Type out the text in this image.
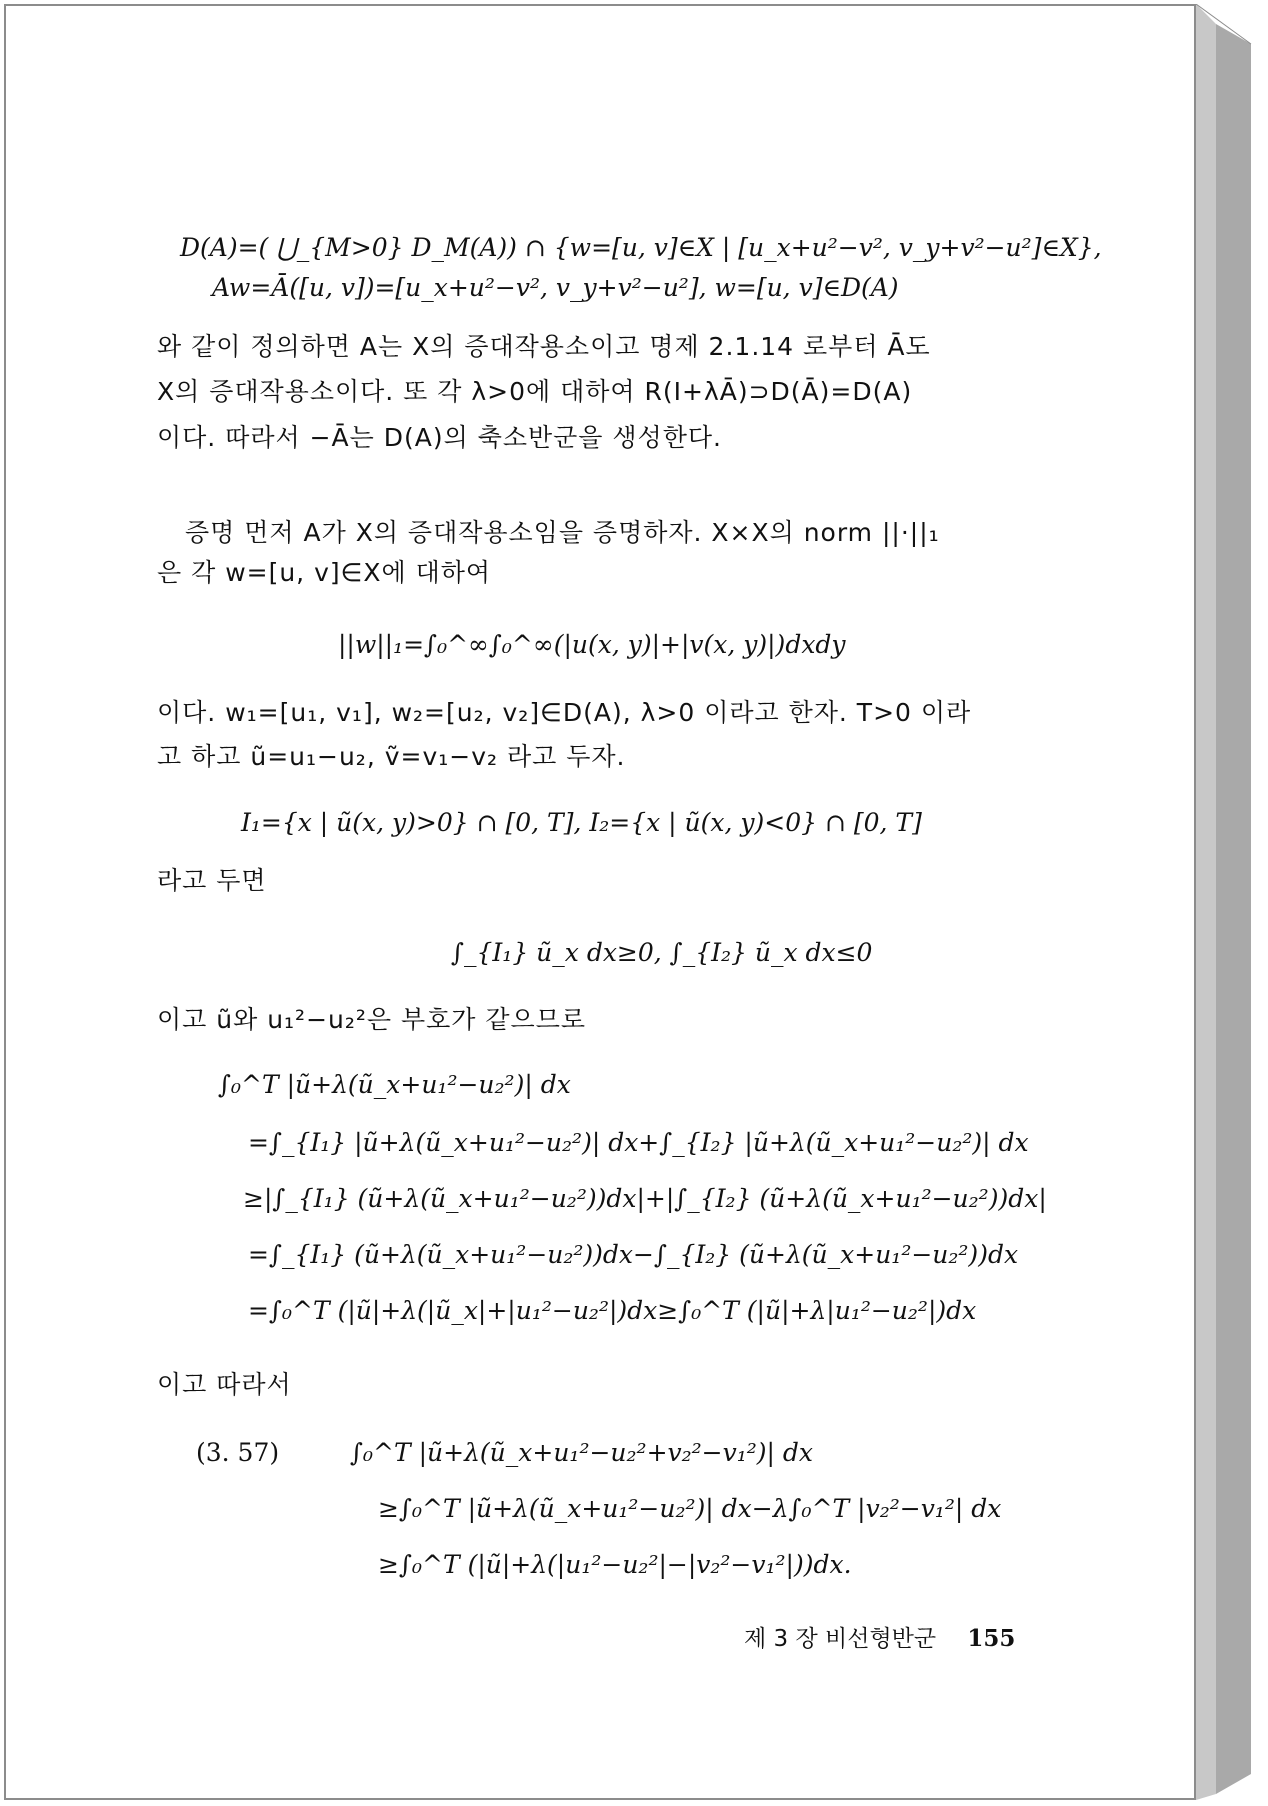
D(A)=( ⋃_{M>0} D_M(A)) ∩ {w=[u, v]∈X | [u_x+u²−v², v_y+v²−u²]∈X},
Aw=Ā([u, v])=[u_x+u²−v², v_y+v²−u²], w=[u, v]∈D(A)
와 같이 정의하면 A는 X의 증대작용소이고 명제 2.1.14 로부터 Ā도
X의 증대작용소이다. 또 각 λ>0에 대하여 R(I+λĀ)⊃D(Ā)=D(A)
이다. 따라서 −Ā는 D(A)의 축소반군을 생성한다.
증명 먼저 A가 X의 증대작용소임을 증명하자. X×X의 norm ||·||₁
은 각 w=[u, v]∈X에 대하여
||w||₁=∫₀^∞∫₀^∞(|u(x, y)|+|v(x, y)|)dxdy
이다. w₁=[u₁, v₁], w₂=[u₂, v₂]∈D(A), λ>0 이라고 한자. T>0 이라
고 하고 ũ=u₁−u₂, ṽ=v₁−v₂ 라고 두자.
I₁={x | ũ(x, y)>0} ∩ [0, T], I₂={x | ũ(x, y)<0} ∩ [0, T]
라고 두면
∫_{I₁} ũ_x dx≥0, ∫_{I₂} ũ_x dx≤0
이고 ũ와 u₁²−u₂²은 부호가 같으므로
∫₀^T |ũ+λ(ũ_x+u₁²−u₂²)| dx
=∫_{I₁} |ũ+λ(ũ_x+u₁²−u₂²)| dx+∫_{I₂} |ũ+λ(ũ_x+u₁²−u₂²)| dx
≥|∫_{I₁} (ũ+λ(ũ_x+u₁²−u₂²))dx|+|∫_{I₂} (ũ+λ(ũ_x+u₁²−u₂²))dx|
=∫_{I₁} (ũ+λ(ũ_x+u₁²−u₂²))dx−∫_{I₂} (ũ+λ(ũ_x+u₁²−u₂²))dx
=∫₀^T (|ũ|+λ(|ũ_x|+|u₁²−u₂²|)dx≥∫₀^T (|ũ|+λ|u₁²−u₂²|)dx
이고 따라서
(3. 57)	∫₀^T |ũ+λ(ũ_x+u₁²−u₂²+v₂²−v₁²)| dx
≥∫₀^T |ũ+λ(ũ_x+u₁²−u₂²)| dx−λ∫₀^T |v₂²−v₁²| dx
≥∫₀^T (|ũ|+λ(|u₁²−u₂²|−|v₂²−v₁²|))dx.
제 3 장 비선형반군 155
